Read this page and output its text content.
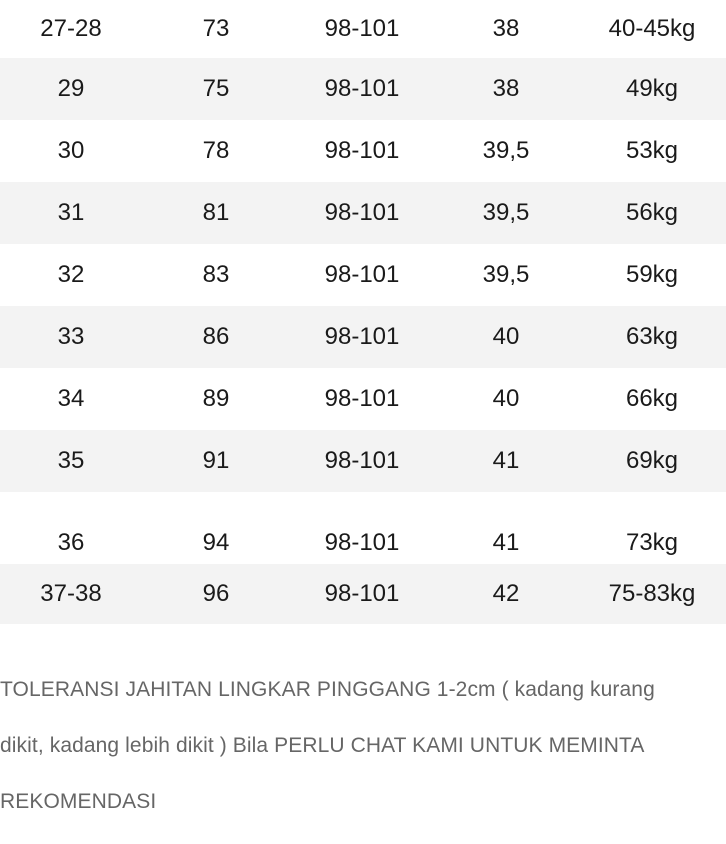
27-28	73	98-101	38	40-45kg
29	75	98-101	38	49kg
30	78	98-101	39,5	53kg
31	81	98-101	39,5	56kg
32	83	98-101	39,5	59kg
33	86	98-101	40	63kg
34	89	98-101	40	66kg
35	91	98-101	41	69kg
36	94	98-101	41	73kg
37-38	96	98-101	42	75-83kg

TOLERANSI JAHITAN LINGKAR PINGGANG 1-2cm ( kadang kurang

dikit, kadang lebih dikit ) Bila PERLU CHAT KAMI UNTUK MEMINTA

REKOMENDASI
